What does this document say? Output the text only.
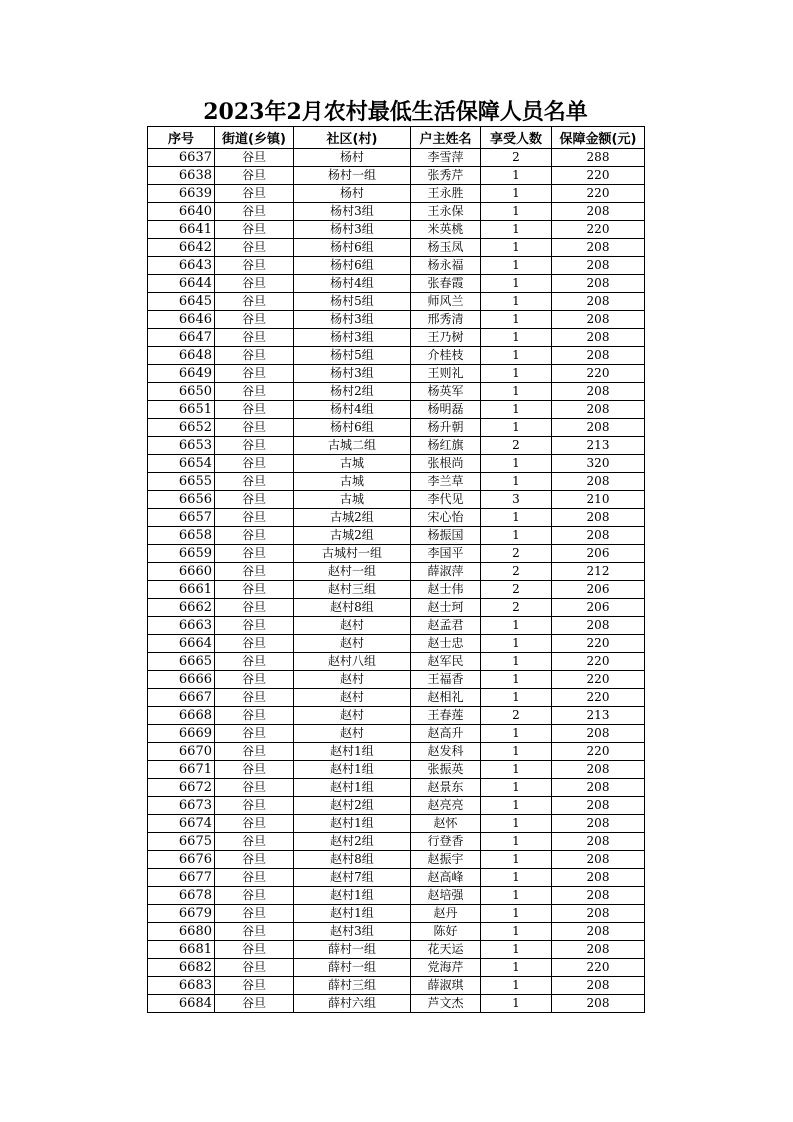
2023年2月农村最低生活保障人员名单
序号	街道(乡镇)	社区(村)	户主姓名	享受人数	保障金额(元)
6637	谷旦	杨村	李雪萍	2	288
6638	谷旦	杨村一组	张秀芹	1	220
6639	谷旦	杨村	王永胜	1	220
6640	谷旦	杨村3组	王永保	1	208
6641	谷旦	杨村3组	米英桃	1	220
6642	谷旦	杨村6组	杨玉凤	1	208
6643	谷旦	杨村6组	杨永福	1	208
6644	谷旦	杨村4组	张春霞	1	208
6645	谷旦	杨村5组	师风兰	1	208
6646	谷旦	杨村3组	邢秀清	1	208
6647	谷旦	杨村3组	王乃树	1	208
6648	谷旦	杨村5组	介桂枝	1	208
6649	谷旦	杨村3组	王则礼	1	220
6650	谷旦	杨村2组	杨英军	1	208
6651	谷旦	杨村4组	杨明磊	1	208
6652	谷旦	杨村6组	杨升朝	1	208
6653	谷旦	古城二组	杨红旗	2	213
6654	谷旦	古城	张根尚	1	320
6655	谷旦	古城	李兰草	1	208
6656	谷旦	古城	李代见	3	210
6657	谷旦	古城2组	宋心怡	1	208
6658	谷旦	古城2组	杨振国	1	208
6659	谷旦	古城村一组	李国平	2	206
6660	谷旦	赵村一组	薛淑萍	2	212
6661	谷旦	赵村三组	赵士伟	2	206
6662	谷旦	赵村8组	赵士珂	2	206
6663	谷旦	赵村	赵孟君	1	208
6664	谷旦	赵村	赵士忠	1	220
6665	谷旦	赵村八组	赵军民	1	220
6666	谷旦	赵村	王福香	1	220
6667	谷旦	赵村	赵相礼	1	220
6668	谷旦	赵村	王春莲	2	213
6669	谷旦	赵村	赵高升	1	208
6670	谷旦	赵村1组	赵发科	1	220
6671	谷旦	赵村1组	张振英	1	208
6672	谷旦	赵村1组	赵景东	1	208
6673	谷旦	赵村2组	赵亮亮	1	208
6674	谷旦	赵村1组	赵怀	1	208
6675	谷旦	赵村2组	行登香	1	208
6676	谷旦	赵村8组	赵振宇	1	208
6677	谷旦	赵村7组	赵高峰	1	208
6678	谷旦	赵村1组	赵培强	1	208
6679	谷旦	赵村1组	赵丹	1	208
6680	谷旦	赵村3组	陈好	1	208
6681	谷旦	薛村一组	花天运	1	208
6682	谷旦	薛村一组	党海芹	1	220
6683	谷旦	薛村三组	薛淑琪	1	208
6684	谷旦	薛村六组	芦文杰	1	208
